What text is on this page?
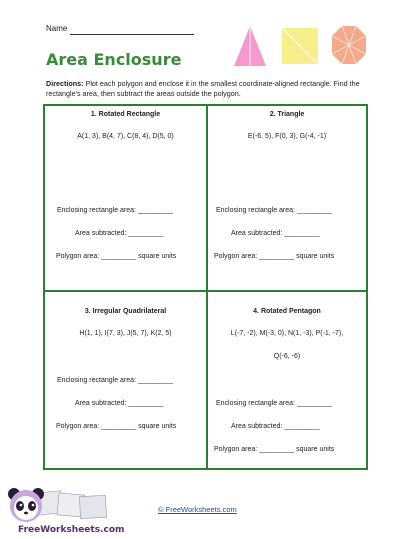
Name
Area Enclosure
Directions: Plot each polygon and enclose it in the smallest coordinate-aligned rectangle. Find the rectangle's area, then subtract the areas outside the polygon.
1. Rotated Rectangle
A(1, 3), B(4, 7), C(8, 4), D(5, 0)
Enclosing rectangle area: _________
Area subtracted: _________
Polygon area: _________ square units
2. Triangle
E(-6, 5), F(0, 3), G(-4, -1)
Enclosing rectangle area: _________
Area subtracted: _________
Polygon area: _________ square units
3. Irregular Quadrilateral
H(1, 1), I(7, 3), J(5, 7), K(2, 5)
Enclosing rectangle area: _________
Area subtracted: _________
Polygon area: _________ square units
4. Rotated Pentagon
L(-7, -2), M(-3, 0), N(1, -3), P(-1, -7),
Q(-6, -6)
Enclosing rectangle area: _________
Area subtracted: _________
Polygon area: _________ square units
FreeWorksheets.com
© FreeWorksheets.com
